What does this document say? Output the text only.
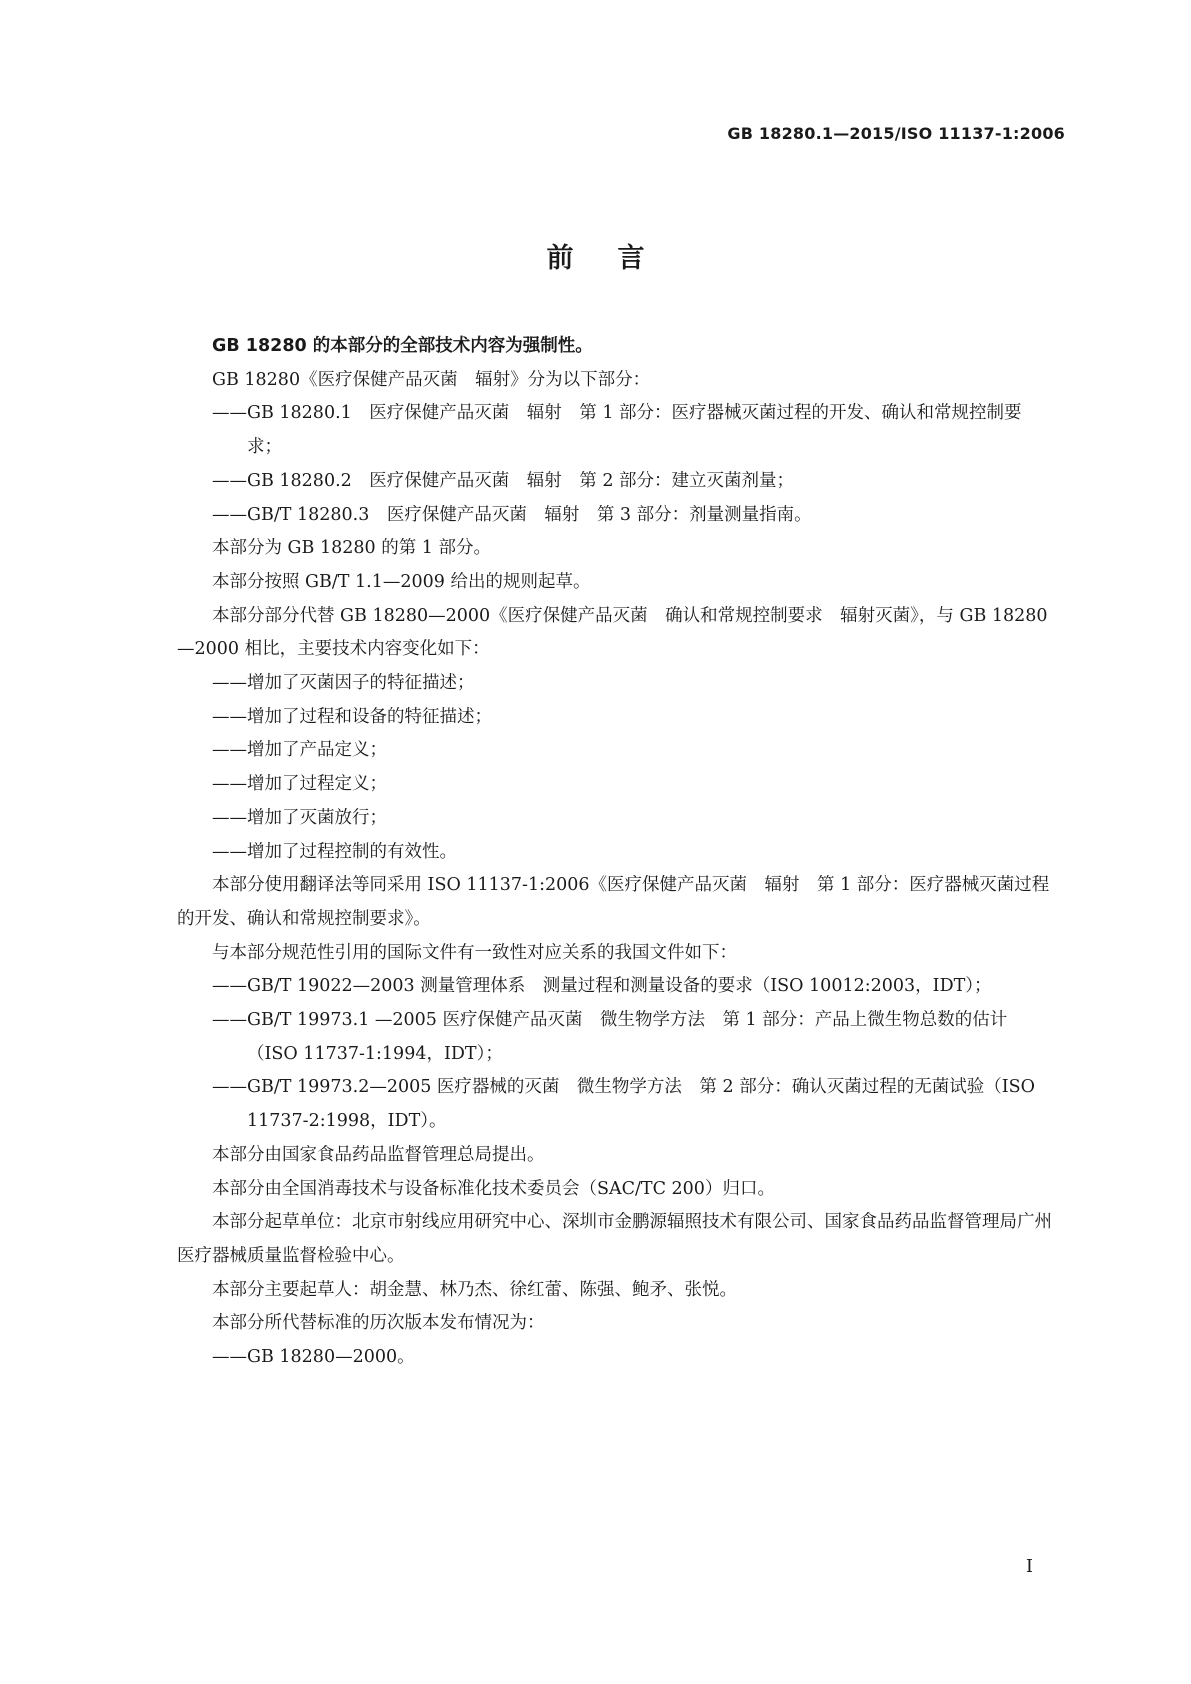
GB 18280.1—2015/ISO 11137-1:2006
前言

GB 18280 的本部分的全部技术内容为强制性。

GB 18280《医疗保健产品灭菌　辐射》分为以下部分：

——GB 18280.1　医疗保健产品灭菌　辐射　第 1 部分：医疗器械灭菌过程的开发、确认和常规控制要求；

——GB 18280.2　医疗保健产品灭菌　辐射　第 2 部分：建立灭菌剂量；

——GB/T 18280.3　医疗保健产品灭菌　辐射　第 3 部分：剂量测量指南。

本部分为 GB 18280 的第 1 部分。

本部分按照 GB/T 1.1—2009 给出的规则起草。

本部分部分代替 GB 18280—2000《医疗保健产品灭菌　确认和常规控制要求　辐射灭菌》，与 GB 18280—2000 相比，主要技术内容变化如下：

——增加了灭菌因子的特征描述；

——增加了过程和设备的特征描述；

——增加了产品定义；

——增加了过程定义；

——增加了灭菌放行；

——增加了过程控制的有效性。

本部分使用翻译法等同采用 ISO 11137-1:2006《医疗保健产品灭菌　辐射　第 1 部分：医疗器械灭菌过程的开发、确认和常规控制要求》。

与本部分规范性引用的国际文件有一致性对应关系的我国文件如下：

——GB/T 19022—2003 测量管理体系　测量过程和测量设备的要求（ISO 10012:2003，IDT）；

——GB/T 19973.1 —2005 医疗保健产品灭菌　微生物学方法　第 1 部分：产品上微生物总数的估计（ISO 11737-1:1994，IDT）；

——GB/T 19973.2—2005 医疗器械的灭菌　微生物学方法　第 2 部分：确认灭菌过程的无菌试验（ISO 11737-2:1998，IDT）。

本部分由国家食品药品监督管理总局提出。

本部分由全国消毒技术与设备标准化技术委员会（SAC/TC 200）归口。

本部分起草单位：北京市射线应用研究中心、深圳市金鹏源辐照技术有限公司、国家食品药品监督管理局广州医疗器械质量监督检验中心。

本部分主要起草人：胡金慧、林乃杰、徐红蕾、陈强、鲍矛、张悦。

本部分所代替标准的历次版本发布情况为：

——GB 18280—2000。

I
